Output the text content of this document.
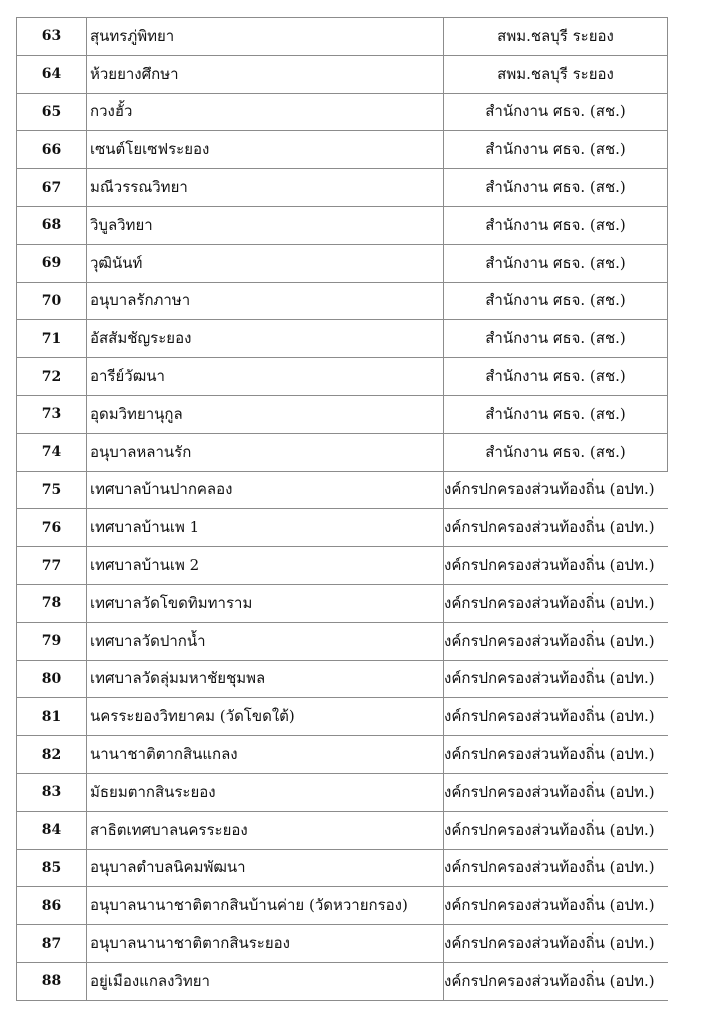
63	สุนทรภู่พิทยา	สพม.ชลบุรี ระยอง
64	ห้วยยางศึกษา	สพม.ชลบุรี ระยอง
65	กวงฮั้ว	สำนักงาน ศธจ. (สช.)
66	เซนต์โยเซฟระยอง	สำนักงาน ศธจ. (สช.)
67	มณีวรรณวิทยา	สำนักงาน ศธจ. (สช.)
68	วิบูลวิทยา	สำนักงาน ศธจ. (สช.)
69	วุฒินันท์	สำนักงาน ศธจ. (สช.)
70	อนุบาลรักภาษา	สำนักงาน ศธจ. (สช.)
71	อัสสัมชัญระยอง	สำนักงาน ศธจ. (สช.)
72	อารีย์วัฒนา	สำนักงาน ศธจ. (สช.)
73	อุดมวิทยานุกูล	สำนักงาน ศธจ. (สช.)
74	อนุบาลหลานรัก	สำนักงาน ศธจ. (สช.)
75	เทศบาลบ้านปากคลอง	งค์กรปกครองส่วนท้องถิ่น (อปท.)
76	เทศบาลบ้านเพ 1	งค์กรปกครองส่วนท้องถิ่น (อปท.)
77	เทศบาลบ้านเพ 2	งค์กรปกครองส่วนท้องถิ่น (อปท.)
78	เทศบาลวัดโขดทิมทาราม	งค์กรปกครองส่วนท้องถิ่น (อปท.)
79	เทศบาลวัดปากน้ำ	งค์กรปกครองส่วนท้องถิ่น (อปท.)
80	เทศบาลวัดลุ่มมหาชัยชุมพล	งค์กรปกครองส่วนท้องถิ่น (อปท.)
81	นครระยองวิทยาคม (วัดโขดใต้)	งค์กรปกครองส่วนท้องถิ่น (อปท.)
82	นานาชาติตากสินแกลง	งค์กรปกครองส่วนท้องถิ่น (อปท.)
83	มัธยมตากสินระยอง	งค์กรปกครองส่วนท้องถิ่น (อปท.)
84	สาธิตเทศบาลนครระยอง	งค์กรปกครองส่วนท้องถิ่น (อปท.)
85	อนุบาลตำบลนิคมพัฒนา	งค์กรปกครองส่วนท้องถิ่น (อปท.)
86	อนุบาลนานาชาติตากสินบ้านค่าย (วัดหวายกรอง)	งค์กรปกครองส่วนท้องถิ่น (อปท.)
87	อนุบาลนานาชาติตากสินระยอง	งค์กรปกครองส่วนท้องถิ่น (อปท.)
88	อยู่เมืองแกลงวิทยา	งค์กรปกครองส่วนท้องถิ่น (อปท.)
